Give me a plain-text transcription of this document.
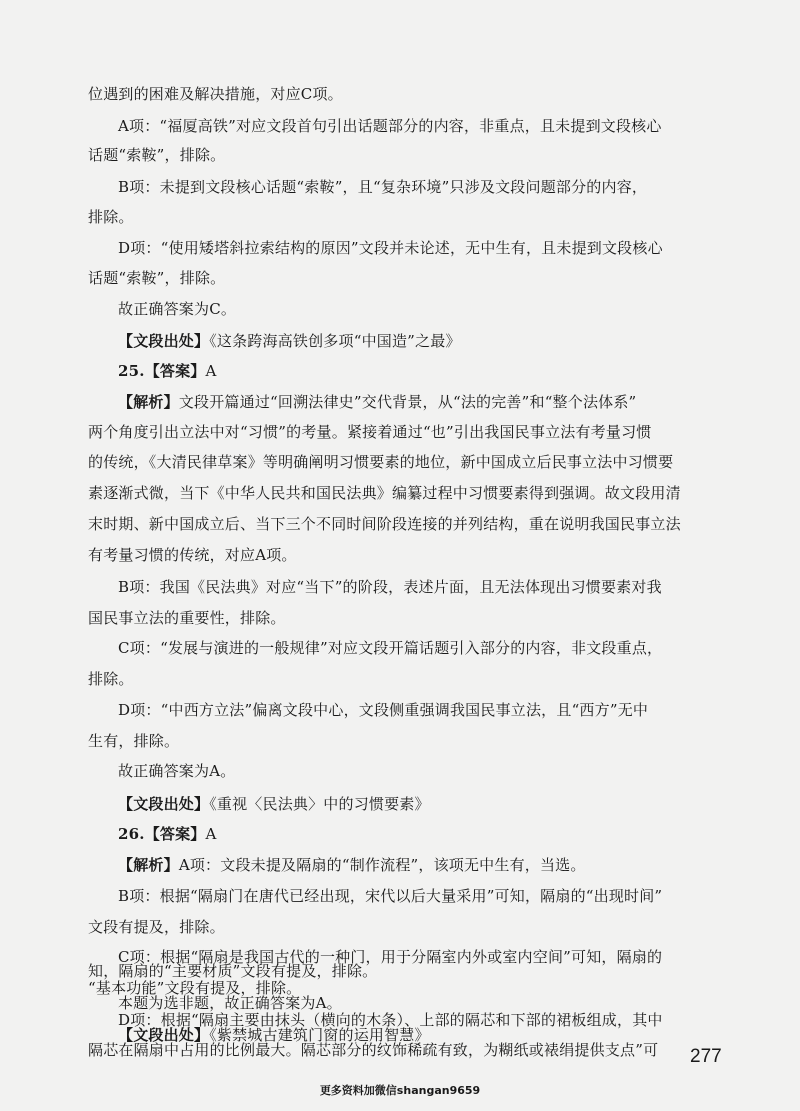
位遇到的困难及解决措施，对应C项。
A项：“福厦高铁”对应文段首句引出话题部分的内容，非重点，且未提到文段核心
话题“索鞍”，排除。
B项：未提到文段核心话题“索鞍”，且“复杂环境”只涉及文段问题部分的内容，
排除。
D项：“使用矮塔斜拉索结构的原因”文段并未论述，无中生有，且未提到文段核心
话题“索鞍”，排除。
故正确答案为C。
【文段出处】《这条跨海高铁创多项“中国造”之最》
25.【答案】A
【解析】文段开篇通过“回溯法律史”交代背景，从“法的完善”和“整个法体系”
两个角度引出立法中对“习惯”的考量。紧接着通过“也”引出我国民事立法有考量习惯
的传统，《大清民律草案》等明确阐明习惯要素的地位，新中国成立后民事立法中习惯要
素逐渐式微，当下《中华人民共和国民法典》编纂过程中习惯要素得到强调。故文段用清
末时期、新中国成立后、当下三个不同时间阶段连接的并列结构，重在说明我国民事立法
有考量习惯的传统，对应A项。
B项：我国《民法典》对应“当下”的阶段，表述片面，且无法体现出习惯要素对我
国民事立法的重要性，排除。
C项：“发展与演进的一般规律”对应文段开篇话题引入部分的内容，非文段重点，
排除。
D项：“中西方立法”偏离文段中心，文段侧重强调我国民事立法，且“西方”无中
生有，排除。
故正确答案为A。
【文段出处】《重视〈民法典〉中的习惯要素》
26.【答案】A
【解析】A项：文段未提及隔扇的“制作流程”，该项无中生有，当选。
B项：根据“隔扇门在唐代已经出现，宋代以后大量采用”可知，隔扇的“出现时间”
文段有提及，排除。
C项：根据“隔扇是我国古代的一种门，用于分隔室内外或室内空间”可知，隔扇的
“基本功能”文段有提及，排除。
D项：根据“隔扇主要由抹头（横向的木条）、上部的隔芯和下部的裙板组成，其中
隔芯在隔扇中占用的比例最大。隔芯部分的纹饰稀疏有致，为糊纸或裱绢提供支点”可
知，隔扇的“主要材质”文段有提及，排除。
本题为选非题，故正确答案为A。
【文段出处】《紫禁城古建筑门窗的运用智慧》
277
更多资料加微信shangan9659
